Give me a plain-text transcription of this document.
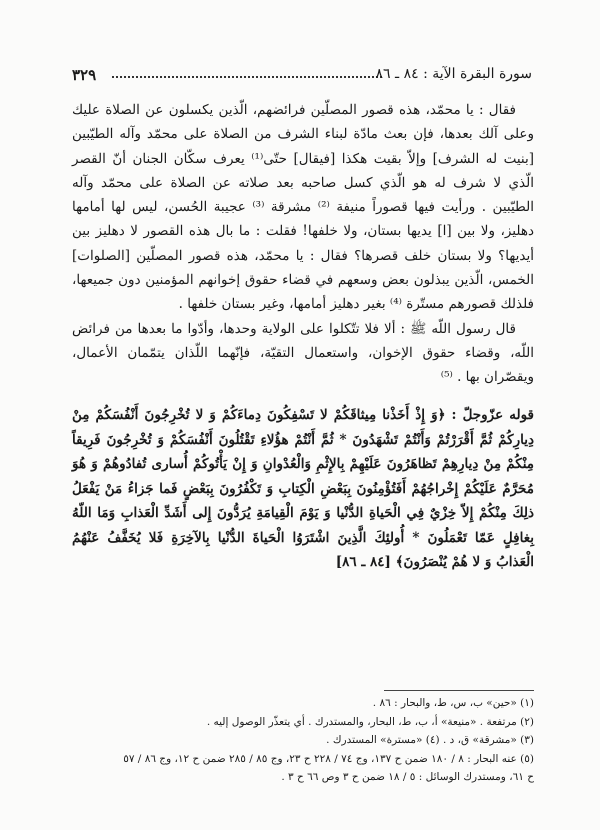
٣٢٩	سورة البقرة الآية : ٨٤ ـ ٨٦

فقال : يا محمّد، هذه قصور المصلّين فرائضهم، الّذين يكسلون عن الصلاة عليك وعلى آلك بعدها، فإن بعث مادّة لبناء الشرف من الصلاة على محمّد وآله الطيّبين [بنيت له الشرف] وإلاّ بقيت هكذا [فيقال] حتّى⁽¹⁾ يعرف سكّان الجنان أنّ القصر الّذي لا شرف له هو الّذي كسل صاحبه بعد صلاته عن الصلاة على محمّد وآله الطيّبين . ورأيت فيها قصوراً منيفة ⁽²⁾ مشرقة ⁽³⁾ عجيبة الحُسن، ليس لها أمامها دهليز، ولا بين [ا] يديها بستان، ولا خلفها! فقلت : ما بال هذه القصور لا دهليز بين أيديها؟ ولا بستان خلف قصرها؟ فقال : يا محمّد، هذه قصور المصلّين [الصلوات] الخمس، الّذين يبذلون بعض وسعهم في قضاء حقوق إخوانهم المؤمنين دون جميعها، فلذلك قصورهم مستّرة ⁽⁴⁾ بغير دهليز أمامها، وغير بستان خلفها .

قال رسول اللّه ﷺ : ألا فلا تتّكلوا على الولاية وحدها، وأدّوا ما بعدها من فرائض اللّه، وقضاء حقوق الإخوان، واستعمال التقيّة، فإنّهما اللّذان يتمّمان الأعمال، ويقصّران بها . ⁽⁵⁾

قوله عزّوجلّ : ﴿وَ إِذْ أَخَذْنا مِيثاقَكُمْ لا تَسْفِكُونَ دِماءَكُمْ وَ لا تُخْرِجُونَ أَنْفُسَكُمْ مِنْ دِيارِكُمْ ثُمَّ أَقْرَرْتُمْ وَأَنْتُمْ تَشْهَدُونَ * ثُمَّ أَنْتُمْ هؤُلاءِ تَقْتُلُونَ أَنْفُسَكُمْ وَ تُخْرِجُونَ فَرِيقاً مِنْكُمْ مِنْ دِيارِهِمْ تَظاهَرُونَ عَلَيْهِمْ بِالإِثْمِ وَالْعُدْوانِ وَ إِنْ يَأْتُوكُمْ أُسارى تُفادُوهُمْ وَ هُوَ مُحَرَّمٌ عَلَيْكُمْ إِخْراجُهُمْ أَفَتُؤْمِنُونَ بِبَعْضِ الْكِتابِ وَ تَكْفُرُونَ بِبَعْضٍ فَما جَزاءُ مَنْ يَفْعَلُ ذلِكَ مِنْكُمْ إِلاّ خِزْيٌ فِي الْحَياةِ الدُّنْيا وَ يَوْمَ الْقِيامَةِ يُرَدُّونَ إِلى أَشَدِّ الْعَذابِ وَمَا اللّهُ بِغافِلٍ عَمّا تَعْمَلُونَ * أُولئِكَ الَّذِينَ اشْتَرَوُا الْحَياةَ الدُّنْيا بِالآخِرَةِ فَلا يُخَفَّفُ عَنْهُمُ الْعَذابُ وَ لا هُمْ يُنْصَرُونَ﴾ [٨٤ ـ ٨٦]

(١) «حين» ب، س، ط، والبحار : ٨٦ .

(٢) مرتفعة . «منيعة» أ، ب، ط، البحار، والمستدرك . أي يتعذّر الوصول إليه .

(٣) «مشرقة» ق، د . (٤) «مسترة» المستدرك .

(٥) عنه البحار : ٨ / ١٨٠ ضمن ح ١٣٧، وج ٧٤ / ٢٢٨ ح ٢٣، وج ٨٥ / ٢٨٥ ضمن ح ١٢، وج ٨٦ / ٥٧

ح ٦١، ومستدرك الوسائل : ٥ / ١٨ ضمن ح ٣ وص ٦٦ ح ٣ .
